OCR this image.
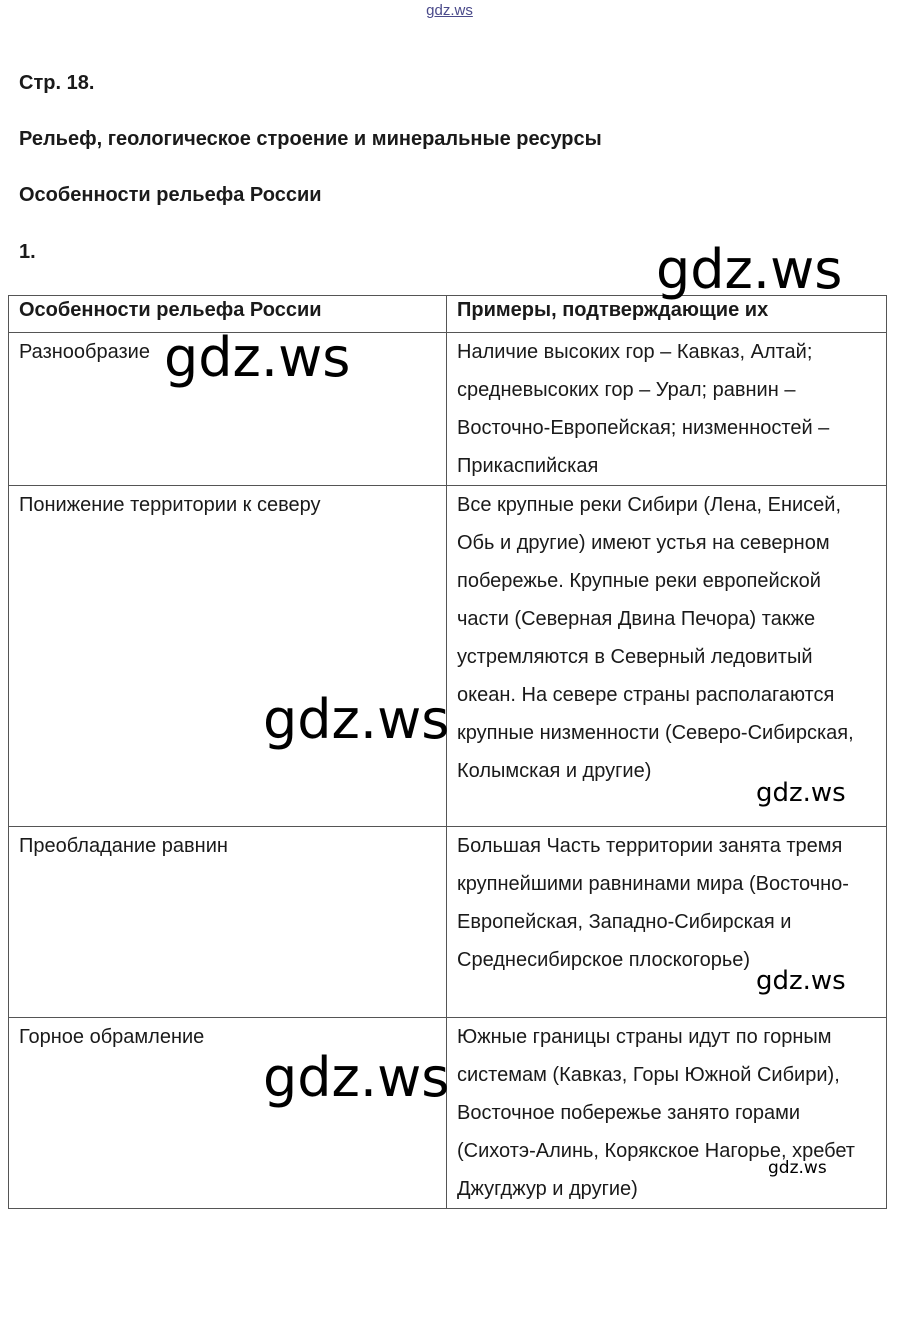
gdz.ws
Стр. 18.
Рельеф, геологическое строение и минеральные ресурсы
Особенности рельефа России
1.
Особенности рельефа России	Примеры, подтверждающие их
Разнообразие	Наличие высоких гор – Кавказ, Алтай; средневысоких гор – Урал; равнин – Восточно-Европейская; низменностей – Прикаспийская
Понижение территории к северу	Все крупные реки Сибири (Лена, Енисей, Обь и другие) имеют устья на северном побережье. Крупные реки европейской части (Северная Двина Печора) также устремляются в Северный ледовитый океан. На севере страны располагаются крупные низменности (Северо-Сибирская, Колымская и другие)
Преобладание равнин	Большая Часть территории занята тремя крупнейшими равнинами мира (Восточно-Европейская, Западно-Сибирская и Среднесибирское плоскогорье)
Горное обрамление	Южные границы страны идут по горным системам (Кавказ, Горы Южной Сибири), Восточное побережье занято горами (Сихотэ-Алинь, Корякское Нагорье, хребет Джугджур и другие)
gdz.ws
gdz.ws
gdz.ws
gdz.ws
gdz.ws
gdz.ws
gdz.ws
